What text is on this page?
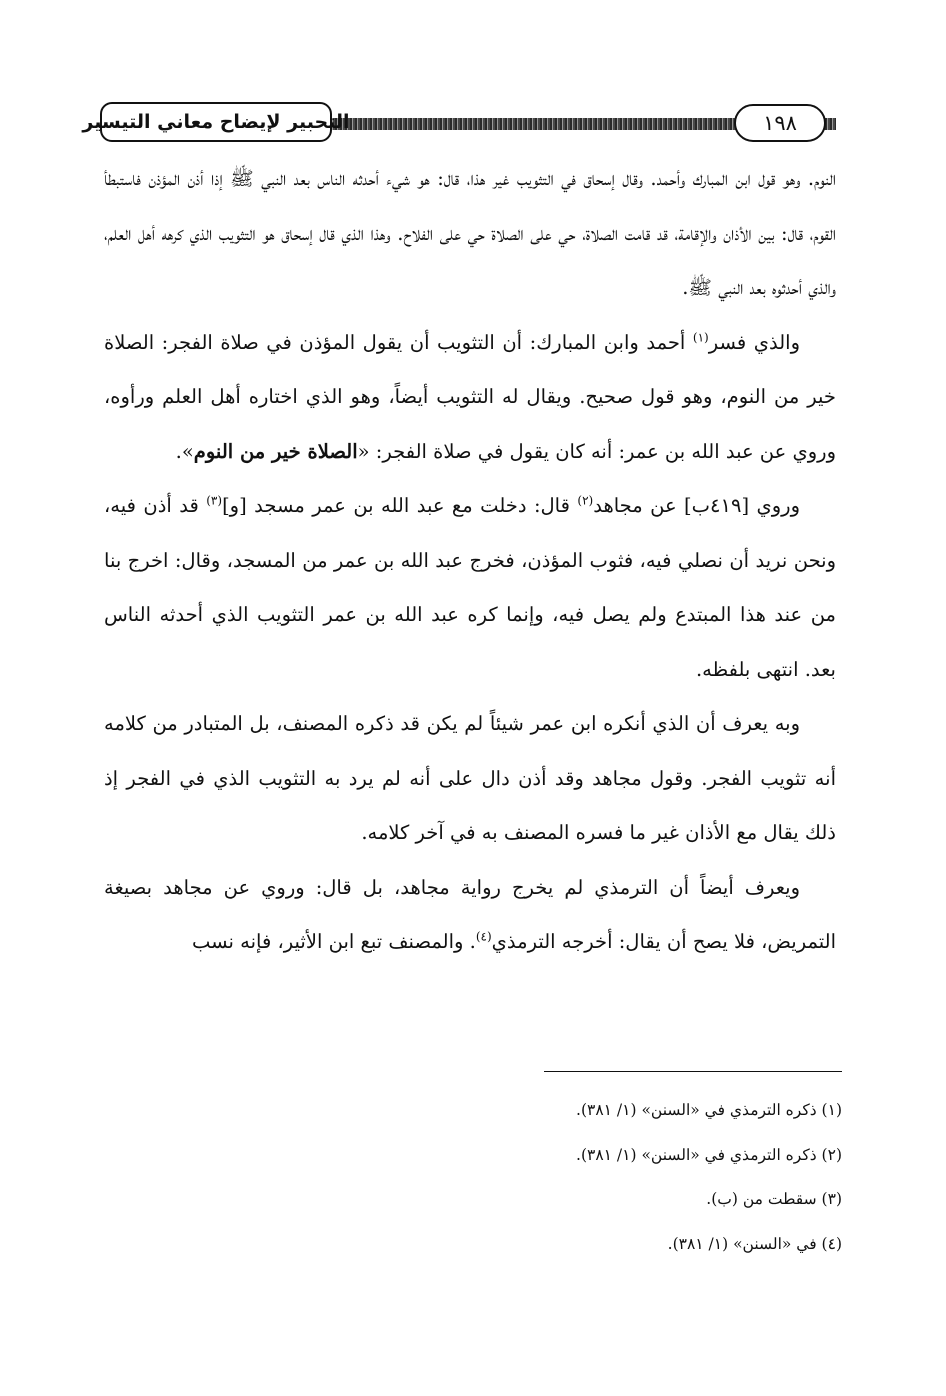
التحبير لإيضاح معاني التيسير	١٩٨

النوم. وهو قول ابن المبارك وأحمد. وقال إسحاق في التثويب غير هذا، قال: هو شيء أحدثه الناس بعد النبي ﷺ إذا أذن المؤذن فاستبطأ القوم، قال: بين الأذان والإقامة، قد قامت الصلاة، حي على الصلاة حي على الفلاح. وهذا الذي قال إسحاق هو التثويب الذي كرهه أهل العلم، والذي أحدثوه بعد النبي ﷺ.

والذي فسر$^{(١)}$ أحمد وابن المبارك: أن التثويب أن يقول المؤذن في صلاة الفجر: الصلاة خير من النوم، وهو قول صحيح. ويقال له التثويب أيضاً، وهو الذي اختاره أهل العلم ورأوه، وروي عن عبد الله بن عمر: أنه كان يقول في صلاة الفجر: «الصلاة خير من النوم».

وروي [٤١٩ب] عن مجاهد$^{(٢)}$ قال: دخلت مع عبد الله بن عمر مسجد [و]$^{(٣)}$ قد أذن فيه، ونحن نريد أن نصلي فيه، فثوب المؤذن، فخرج عبد الله بن عمر من المسجد، وقال: اخرج بنا من عند هذا المبتدع ولم يصل فيه، وإنما كره عبد الله بن عمر التثويب الذي أحدثه الناس بعد. انتهى بلفظه.

وبه يعرف أن الذي أنكره ابن عمر شيئاً لم يكن قد ذكره المصنف، بل المتبادر من كلامه أنه تثويب الفجر. وقول مجاهد وقد أذن دال على أنه لم يرد به التثويب الذي في الفجر إذ ذلك يقال مع الأذان غير ما فسره المصنف به في آخر كلامه.

ويعرف أيضاً أن الترمذي لم يخرج رواية مجاهد، بل قال: وروي عن مجاهد بصيغة التمريض، فلا يصح أن يقال: أخرجه الترمذي$^{(٤)}$. والمصنف تبع ابن الأثير، فإنه نسب

(١) ذكره الترمذي في «السنن» (١/ ٣٨١).
(٢) ذكره الترمذي في «السنن» (١/ ٣٨١).
(٣) سقطت من (ب).
(٤) في «السنن» (١/ ٣٨١).
